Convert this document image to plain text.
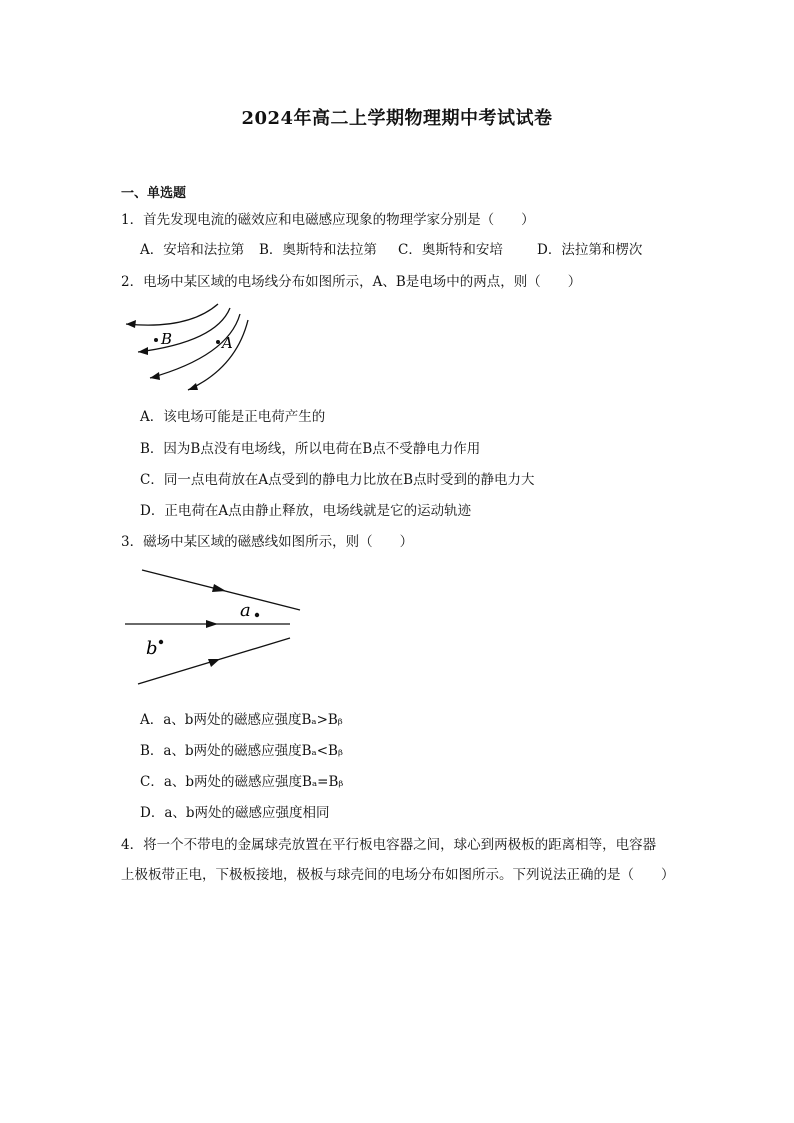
2024年高二上学期物理期中考试试卷
一、单选题
1．首先发现电流的磁效应和电磁感应现象的物理学家分别是（　　）
A．安培和法拉第 B．奥斯特和法拉第 C．奥斯特和安培	D．法拉第和楞次
2．电场中某区域的电场线分布如图所示，A、B是电场中的两点，则（　　）
B	A
A．该电场可能是正电荷产生的
B．因为B点没有电场线，所以电荷在B点不受静电力作用
C．同一点电荷放在A点受到的静电力比放在B点时受到的静电力大
D．正电荷在A点由静止释放，电场线就是它的运动轨迹
3．磁场中某区域的磁感线如图所示，则（　　）
a
b
A．a、b两处的磁感应强度Bₐ>Bᵦ
B．a、b两处的磁感应强度Bₐ<Bᵦ
C．a、b两处的磁感应强度Bₐ=Bᵦ
D．a、b两处的磁感应强度相同
4．将一个不带电的金属球壳放置在平行板电容器之间，球心到两极板的距离相等，电容器
上极板带正电，下极板接地，极板与球壳间的电场分布如图所示。下列说法正确的是（　　）
